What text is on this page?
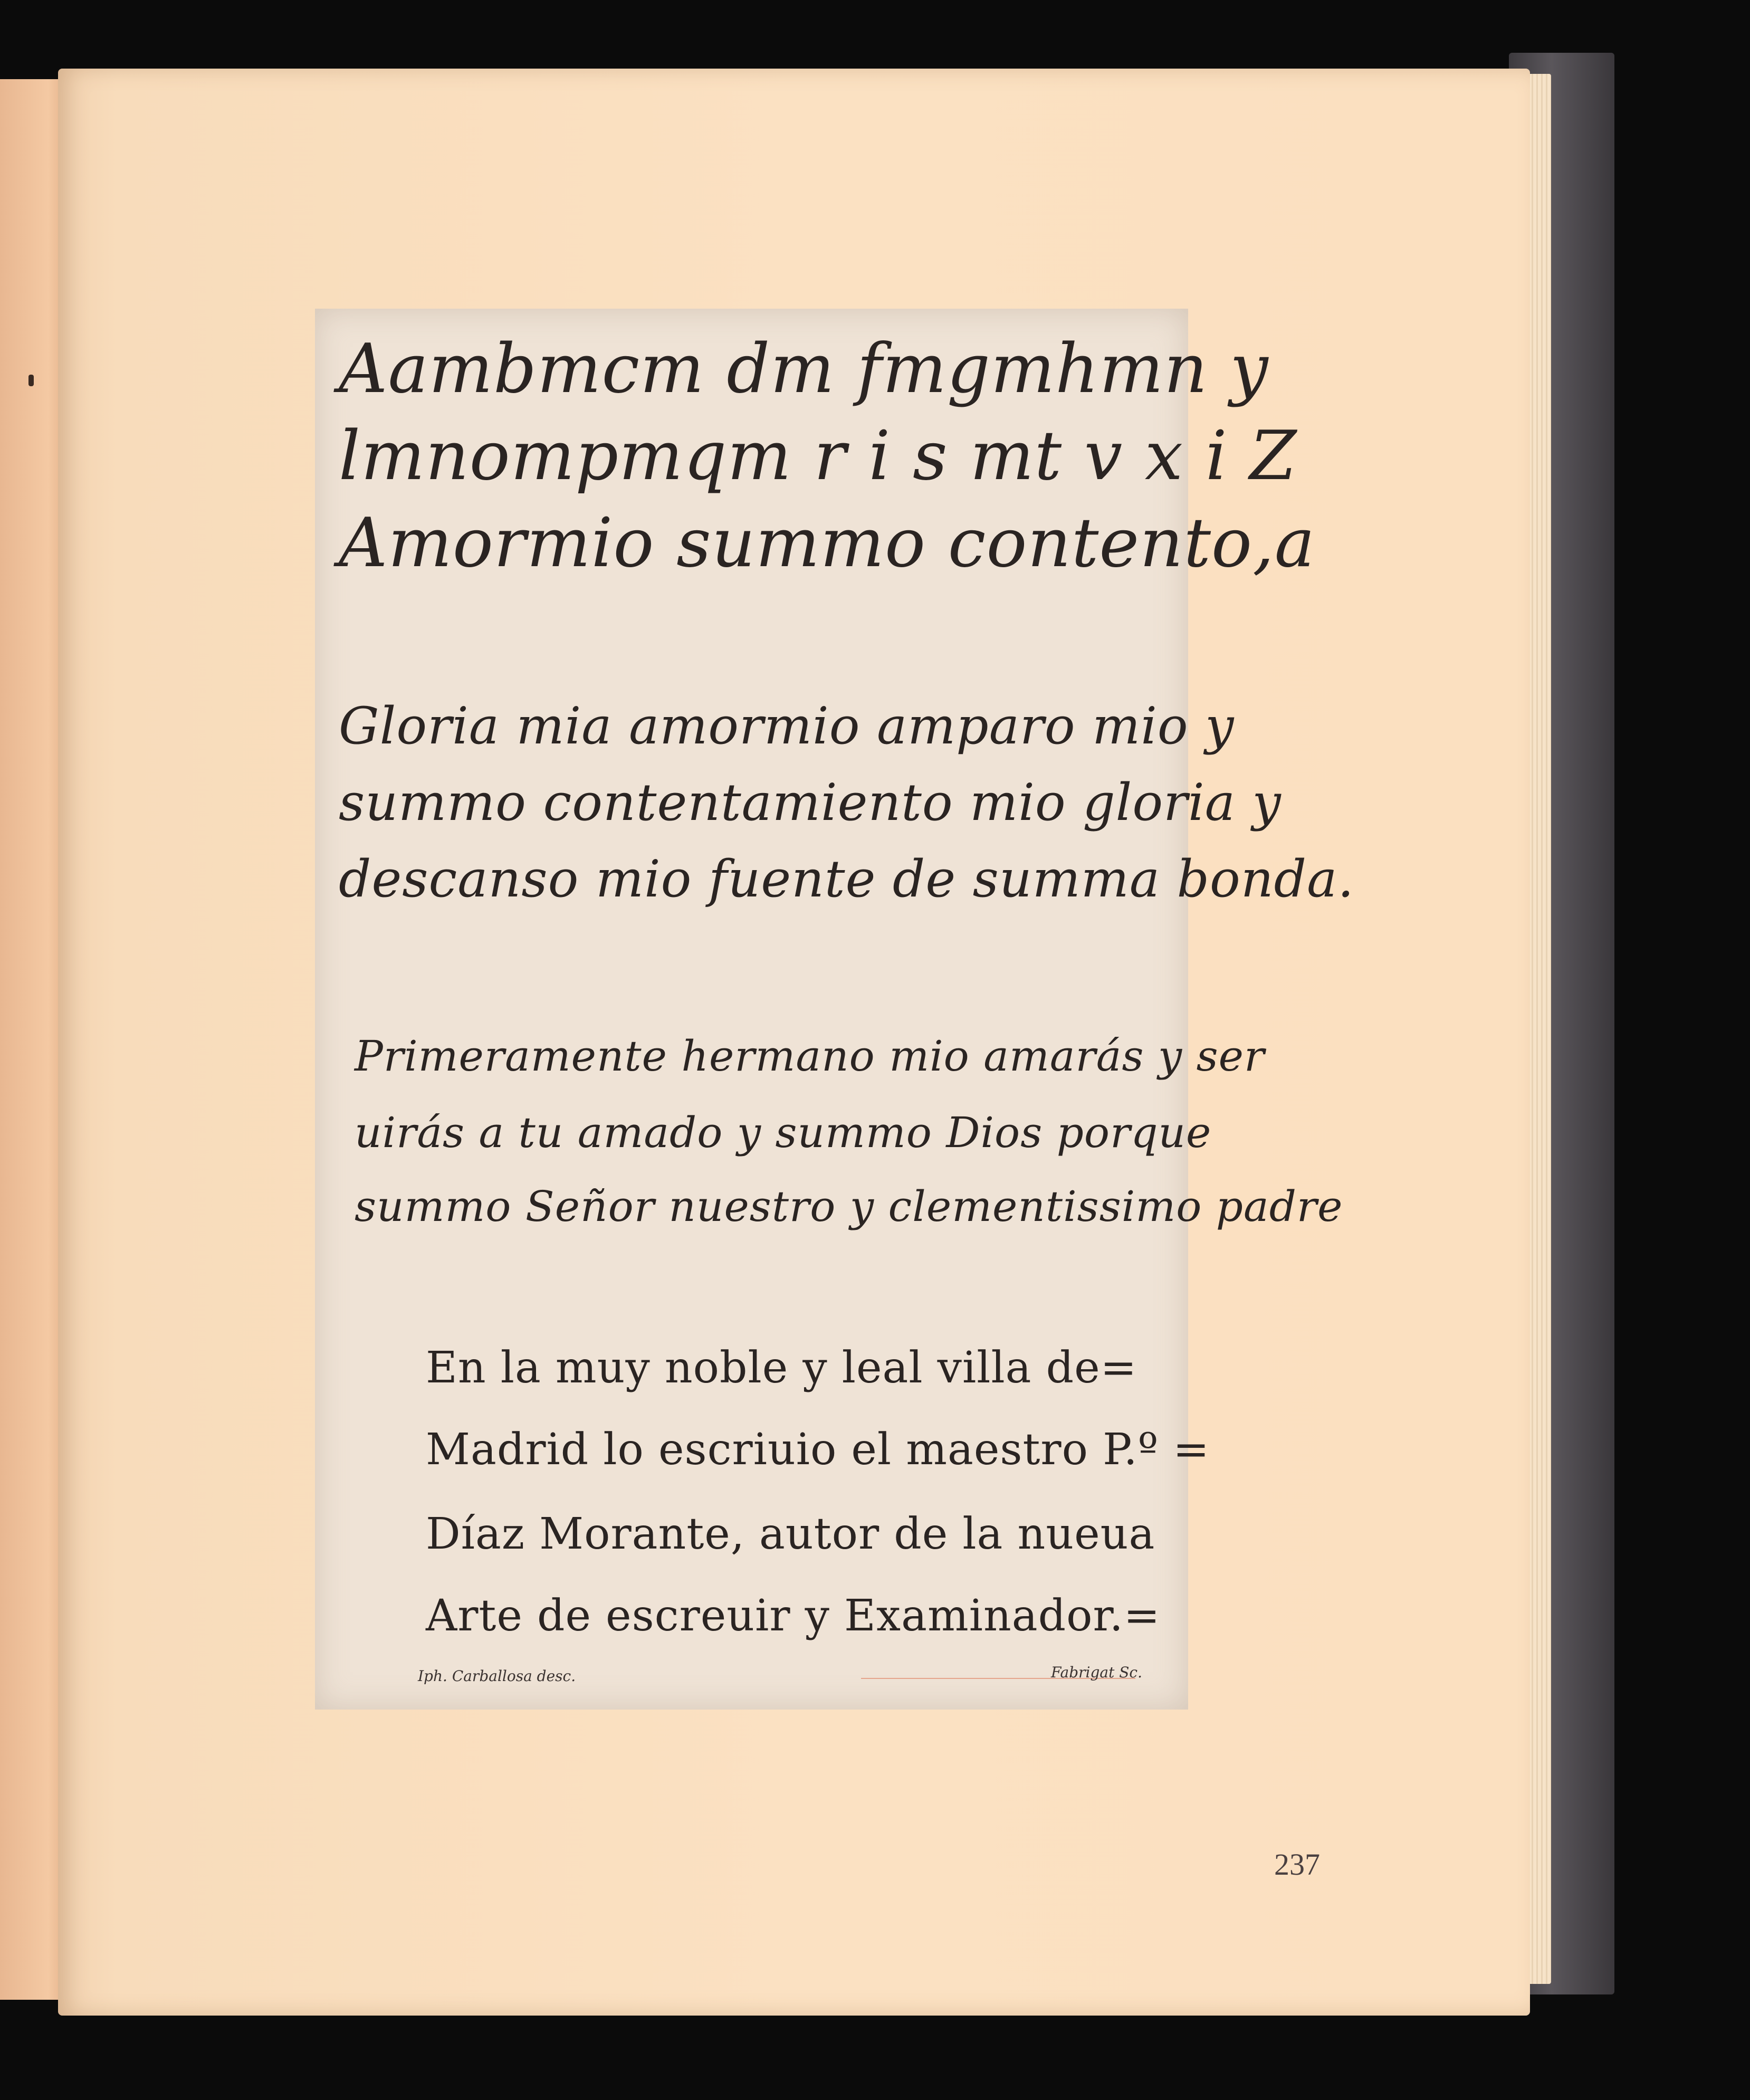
Aambmcm dm fmgmhmn y
lmnompmqm r i s mt v x i Z
Amormio summo contento,a
Gloria mia amormio amparo mio y
summo contentamiento mio gloria y
descanso mio fuente de summa bonda.
Primeramente hermano mio amarás y ser
uirás a tu amado y summo Dios porque
summo Señor nuestro y clementissimo padre
En la muy noble y leal villa de=
Madrid lo escriuio el maestro P.º =
Díaz Morante, autor de la nueua
Arte de escreuir y Examinador.=
Iph. Carballosa desc.	Fabrigat Sc.
237
